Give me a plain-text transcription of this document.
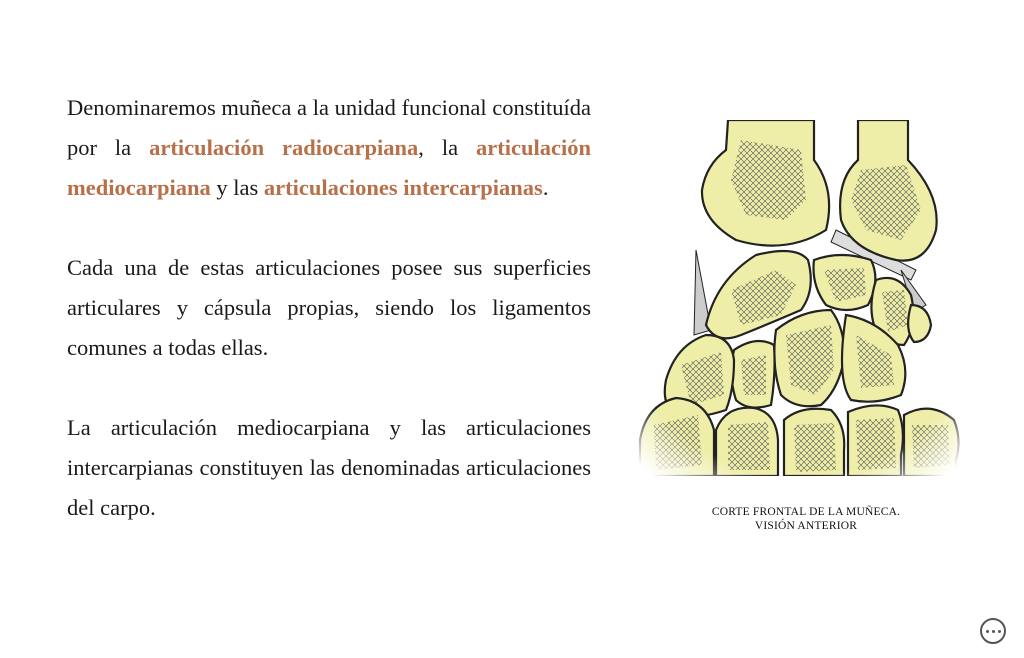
Denominaremos muñeca a la unidad funcional constituída por la articulación radiocarpiana, la articulación mediocarpiana y las articulaciones intercarpianas.

Cada una de estas articulaciones posee sus superficies articulares y cápsula propias, siendo los ligamentos comunes a todas ellas.

La articulación mediocarpiana y las articulaciones intercarpianas constituyen las denominadas articulaciones del carpo.	CORTE FRONTAL DE LA MUÑECA.
VISIÓN ANTERIOR
